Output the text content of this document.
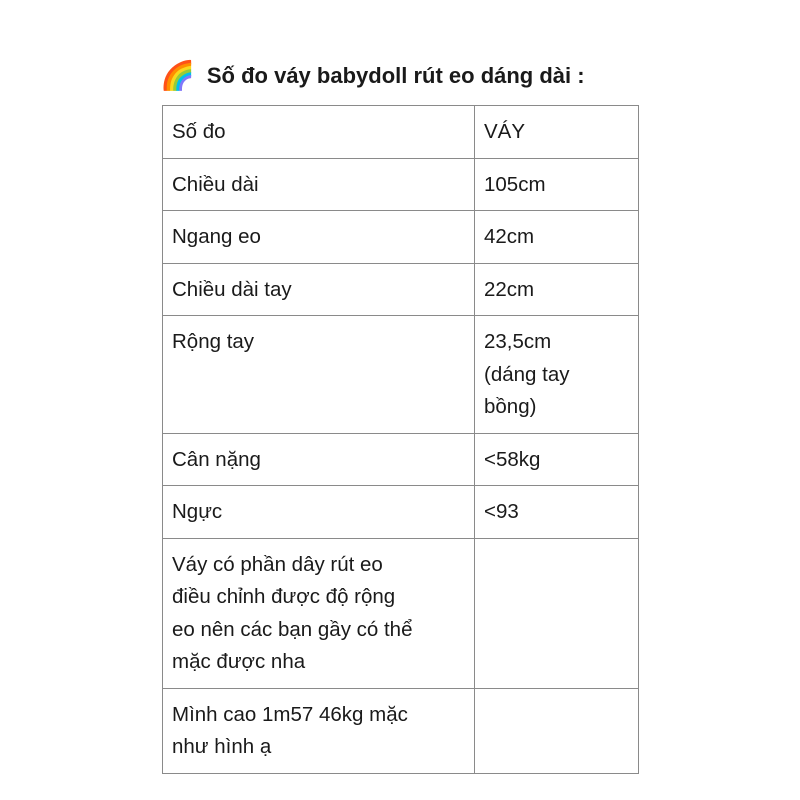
🌈 Số đo váy babydoll rút eo dáng dài :
Số đo	VÁY
Chiều dài	105cm
Ngang eo	42cm
Chiều dài tay	22cm
Rộng tay	23,5cm
(dáng tay
bồng)
Cân nặng	<58kg
Ngực	<93
Váy có phần dây rút eo
điều chỉnh được độ rộng
eo nên các bạn gầy có thể
mặc được nha	
Mình cao 1m57 46kg mặc
như hình ạ	
